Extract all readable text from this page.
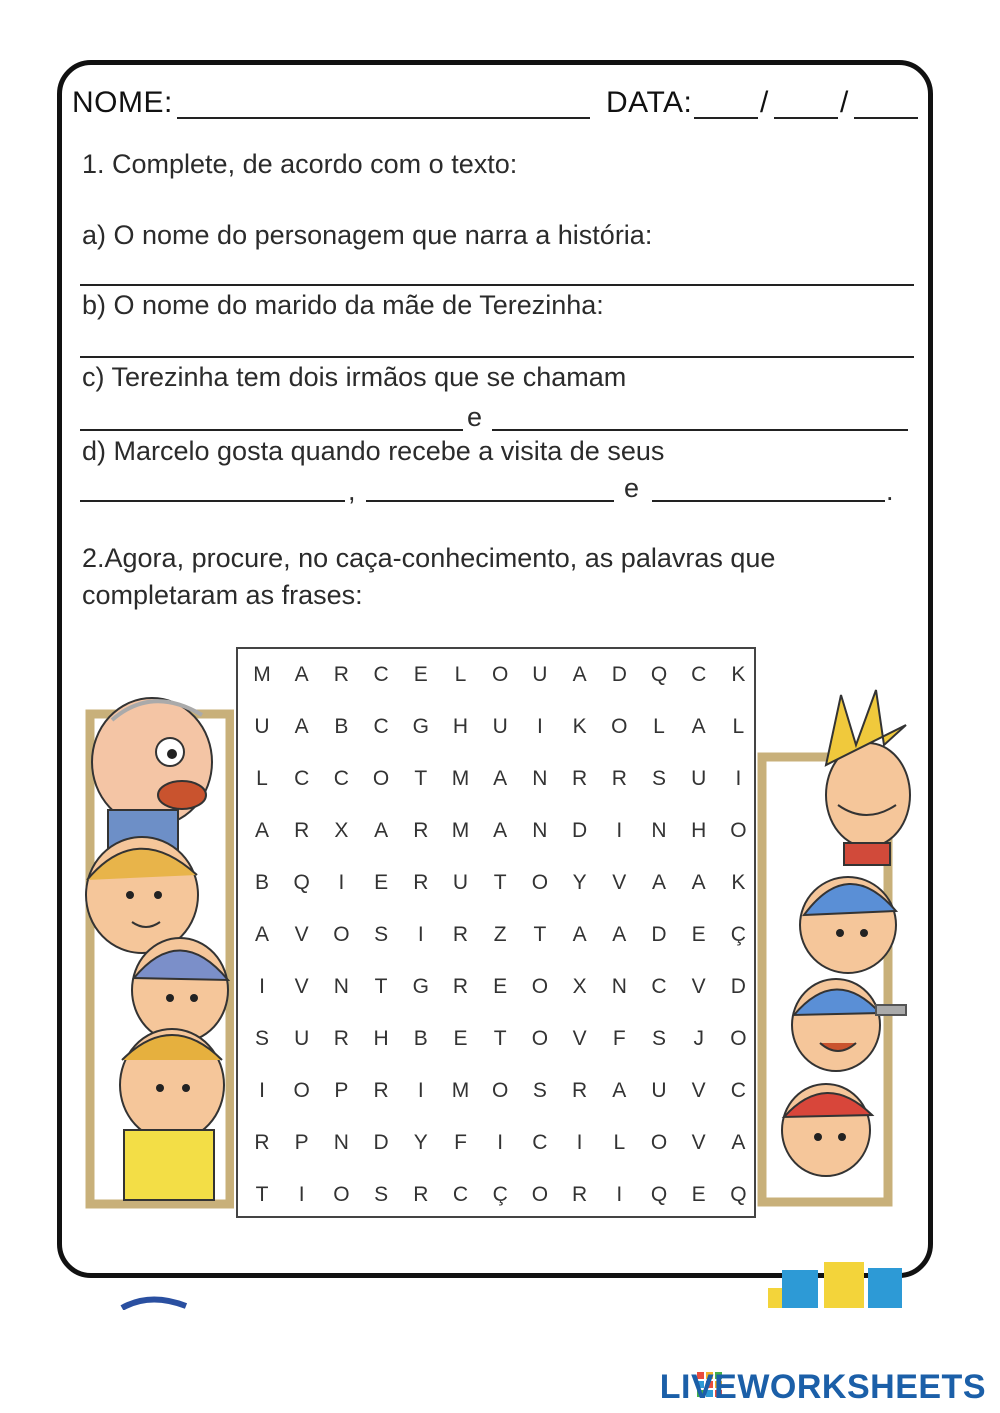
NOME:	DATA: / /
1. Complete, de acordo com o texto:
a) O nome do personagem que narra a história:
b) O nome do marido da mãe de Terezinha:
c) Terezinha tem dois irmãos que se chamam
e
d) Marcelo gosta quando recebe a visita de seus
,	e	.
2.Agora, procure, no caça-conhecimento, as palavras que
completaram as frases:
M	A	R	C	E	L	O	U	A	D	Q	C	K
U	A	B	C	G	H	U	I	K	O	L	A	L
L	C	C	O	T	M	A	N	R	R	S	U	I
A	R	X	A	R	M	A	N	D	I	N	H	O
B	Q	I	E	R	U	T	O	Y	V	A	A	K
A	V	O	S	I	R	Z	T	A	A	D	E	Ç
I	V	N	T	G	R	E	O	X	N	C	V	D
S	U	R	H	B	E	T	O	V	F	S	J	O
I	O	P	R	I	M	O	S	R	A	U	V	C
R	P	N	D	Y	F	I	C	I	L	O	V	A
T	I	O	S	R	C	Ç	O	R	I	Q	E	Q
LIVEWORKSHEETS
